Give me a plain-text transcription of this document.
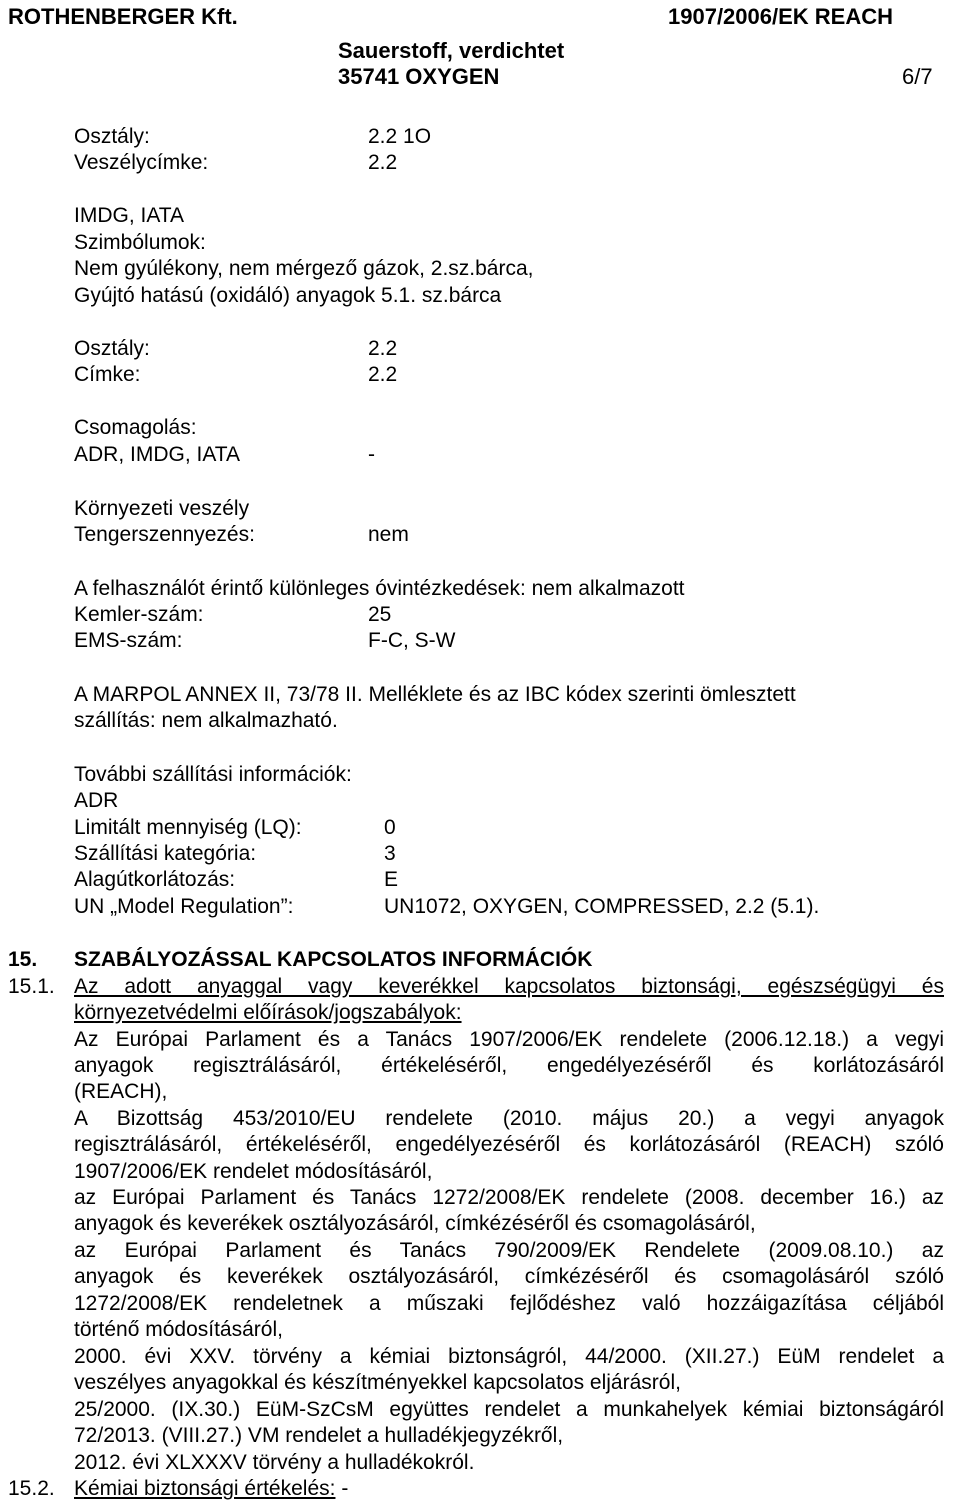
ROTHENBERGER Kft.	1907/2006/EK REACH
Sauerstoff, verdichtet
35741 OXYGEN	6/7
Osztály:	2.2 1O
Veszélycímke:	2.2
IMDG, IATA
Szimbólumok:
Nem gyúlékony, nem mérgező gázok, 2.sz.bárca,
Gyújtó hatású (oxidáló) anyagok 5.1. sz.bárca
Osztály:	2.2
Címke:	2.2
Csomagolás:
ADR, IMDG, IATA	-
Környezeti veszély
Tengerszennyezés:	nem
A felhasználót érintő különleges óvintézkedések: nem alkalmazott
Kemler-szám:	25
EMS-szám:	F-C, S-W
A MARPOL ANNEX II, 73/78 II. Melléklete és az IBC kódex szerinti ömlesztett
szállítás: nem alkalmazható.
További szállítási információk:
ADR
Limitált mennyiség (LQ):	0
Szállítási kategória:	3
Alagútkorlátozás:	E
UN „Model Regulation”:	UN1072, OXYGEN, COMPRESSED, 2.2 (5.1).
15. SZABÁLYOZÁSSAL KAPCSOLATOS INFORMÁCIÓK
15.1. Az adott anyaggal vagy keverékkel kapcsolatos biztonsági, egészségügyi és
környezetvédelmi előírások/jogszabályok:
Az Európai Parlament és a Tanács 1907/2006/EK rendelete (2006.12.18.) a vegyi
anyagok regisztrálásáról, értékeléséről, engedélyezéséről és korlátozásáról
(REACH),
A Bizottság 453/2010/EU rendelete (2010. május 20.) a vegyi anyagok
regisztrálásáról, értékeléséről, engedélyezéséről és korlátozásáról (REACH) szóló
1907/2006/EK rendelet módosításáról,
az Európai Parlament és Tanács 1272/2008/EK rendelete (2008. december 16.) az
anyagok és keverékek osztályozásáról, címkézéséről és csomagolásáról,
az Európai Parlament és Tanács 790/2009/EK Rendelete (2009.08.10.) az
anyagok és keverékek osztályozásáról, címkézéséről és csomagolásáról szóló
1272/2008/EK rendeletnek a műszaki fejlődéshez való hozzáigazítása céljából
történő módosításáról,
2000. évi XXV. törvény a kémiai biztonságról, 44/2000. (XII.27.) EüM rendelet a
veszélyes anyagokkal és készítményekkel kapcsolatos eljárásról,
25/2000. (IX.30.) EüM-SzCsM együttes rendelet a munkahelyek kémiai biztonságáról
72/2013. (VIII.27.) VM rendelet a hulladékjegyzékről,
2012. évi XLXXXV törvény a hulladékokról.
15.2. Kémiai biztonsági értékelés: -
